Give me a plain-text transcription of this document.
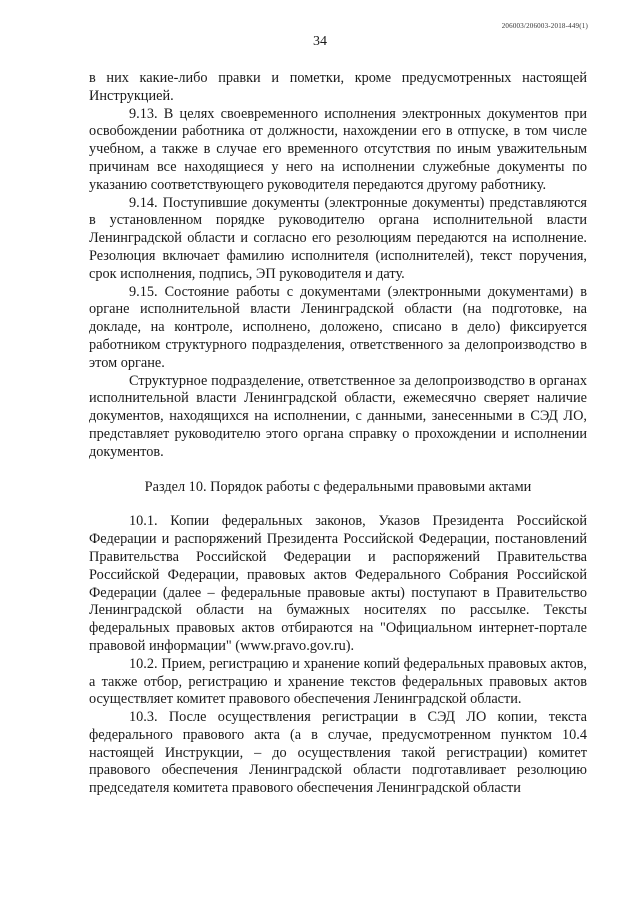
206003/206003-2018-449(1)
34

в них какие-либо правки и пометки, кроме предусмотренных настоящей Инструкцией.

9.13. В целях своевременного исполнения электронных документов при освобождении работника от должности, нахождении его в отпуске, в том числе учебном, а также в случае его временного отсутствия по иным уважительным причинам все находящиеся у него на исполнении служебные документы по указанию соответствующего руководителя передаются другому работнику.

9.14. Поступившие документы (электронные документы) представляются в установленном порядке руководителю органа исполнительной власти Ленинградской области и согласно его резолюциям передаются на исполнение. Резолюция включает фамилию исполнителя (исполнителей), текст поручения, срок исполнения, подпись, ЭП руководителя и дату.

9.15. Состояние работы с документами (электронными документами) в органе исполнительной власти Ленинградской области (на подготовке, на докладе, на контроле, исполнено, доложено, списано в дело) фиксируется работником структурного подразделения, ответственного за делопроизводство в этом органе.

Структурное подразделение, ответственное за делопроизводство в органах исполнительной власти Ленинградской области, ежемесячно сверяет наличие документов, находящихся на исполнении, с данными, занесенными в СЭД ЛО, представляет руководителю этого органа справку о прохождении и исполнении документов.

Раздел 10. Порядок работы с федеральными правовыми актами

10.1. Копии федеральных законов, Указов Президента Российской Федерации и распоряжений Президента Российской Федерации, постановлений Правительства Российской Федерации и распоряжений Правительства Российской Федерации, правовых актов Федерального Собрания Российской Федерации (далее – федеральные правовые акты) поступают в Правительство Ленинградской области на бумажных носителях по рассылке. Тексты федеральных правовых актов отбираются на "Официальном интернет-портале правовой информации" (www.pravo.gov.ru).

10.2. Прием, регистрацию и хранение копий федеральных правовых актов, а также отбор, регистрацию и хранение текстов федеральных правовых актов осуществляет комитет правового обеспечения Ленинградской области.

10.3. После осуществления регистрации в СЭД ЛО копии, текста федерального правового акта (а в случае, предусмотренном пунктом 10.4 настоящей Инструкции, – до осуществления такой регистрации) комитет правового обеспечения Ленинградской области подготавливает резолюцию председателя комитета правового обеспечения Ленинградской области
